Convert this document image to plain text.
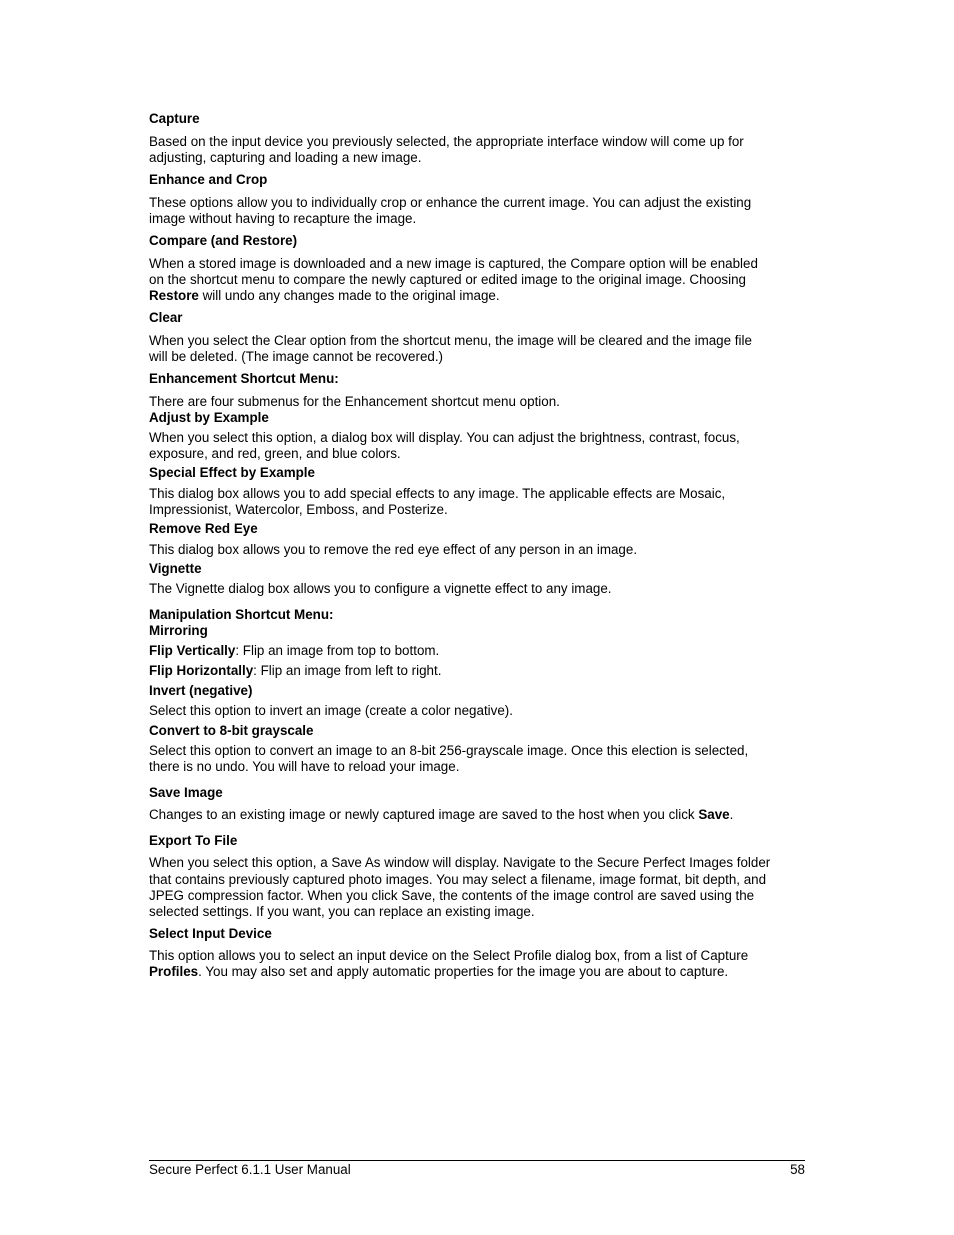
Capture
Based on the input device you previously selected, the appropriate interface window will come up for
adjusting, capturing and loading a new image.
Enhance and Crop
These options allow you to individually crop or enhance the current image. You can adjust the existing
image without having to recapture the image.
Compare (and Restore)
When a stored image is downloaded and a new image is captured, the Compare option will be enabled
on the shortcut menu to compare the newly captured or edited image to the original image. Choosing
Restore will undo any changes made to the original image.
Clear
When you select the Clear option from the shortcut menu, the image will be cleared and the image file
will be deleted. (The image cannot be recovered.)
Enhancement Shortcut Menu:
There are four submenus for the Enhancement shortcut menu option.
Adjust by Example
When you select this option, a dialog box will display. You can adjust the brightness, contrast, focus,
exposure, and red, green, and blue colors.
Special Effect by Example
This dialog box allows you to add special effects to any image. The applicable effects are Mosaic,
Impressionist, Watercolor, Emboss, and Posterize.
Remove Red Eye
This dialog box allows you to remove the red eye effect of any person in an image.
Vignette
The Vignette dialog box allows you to configure a vignette effect to any image.
Manipulation Shortcut Menu:
Mirroring
Flip Vertically: Flip an image from top to bottom.
Flip Horizontally: Flip an image from left to right.
Invert (negative)
Select this option to invert an image (create a color negative).
Convert to 8-bit grayscale
Select this option to convert an image to an 8-bit 256-grayscale image. Once this election is selected,
there is no undo. You will have to reload your image.
Save Image
Changes to an existing image or newly captured image are saved to the host when you click Save.
Export To File
When you select this option, a Save As window will display. Navigate to the Secure Perfect Images folder
that contains previously captured photo images. You may select a filename, image format, bit depth, and
JPEG compression factor. When you click Save, the contents of the image control are saved using the
selected settings. If you want, you can replace an existing image.
Select Input Device
This option allows you to select an input device on the Select Profile dialog box, from a list of Capture
Profiles. You may also set and apply automatic properties for the image you are about to capture.
Secure Perfect 6.1.1 User Manual	58
